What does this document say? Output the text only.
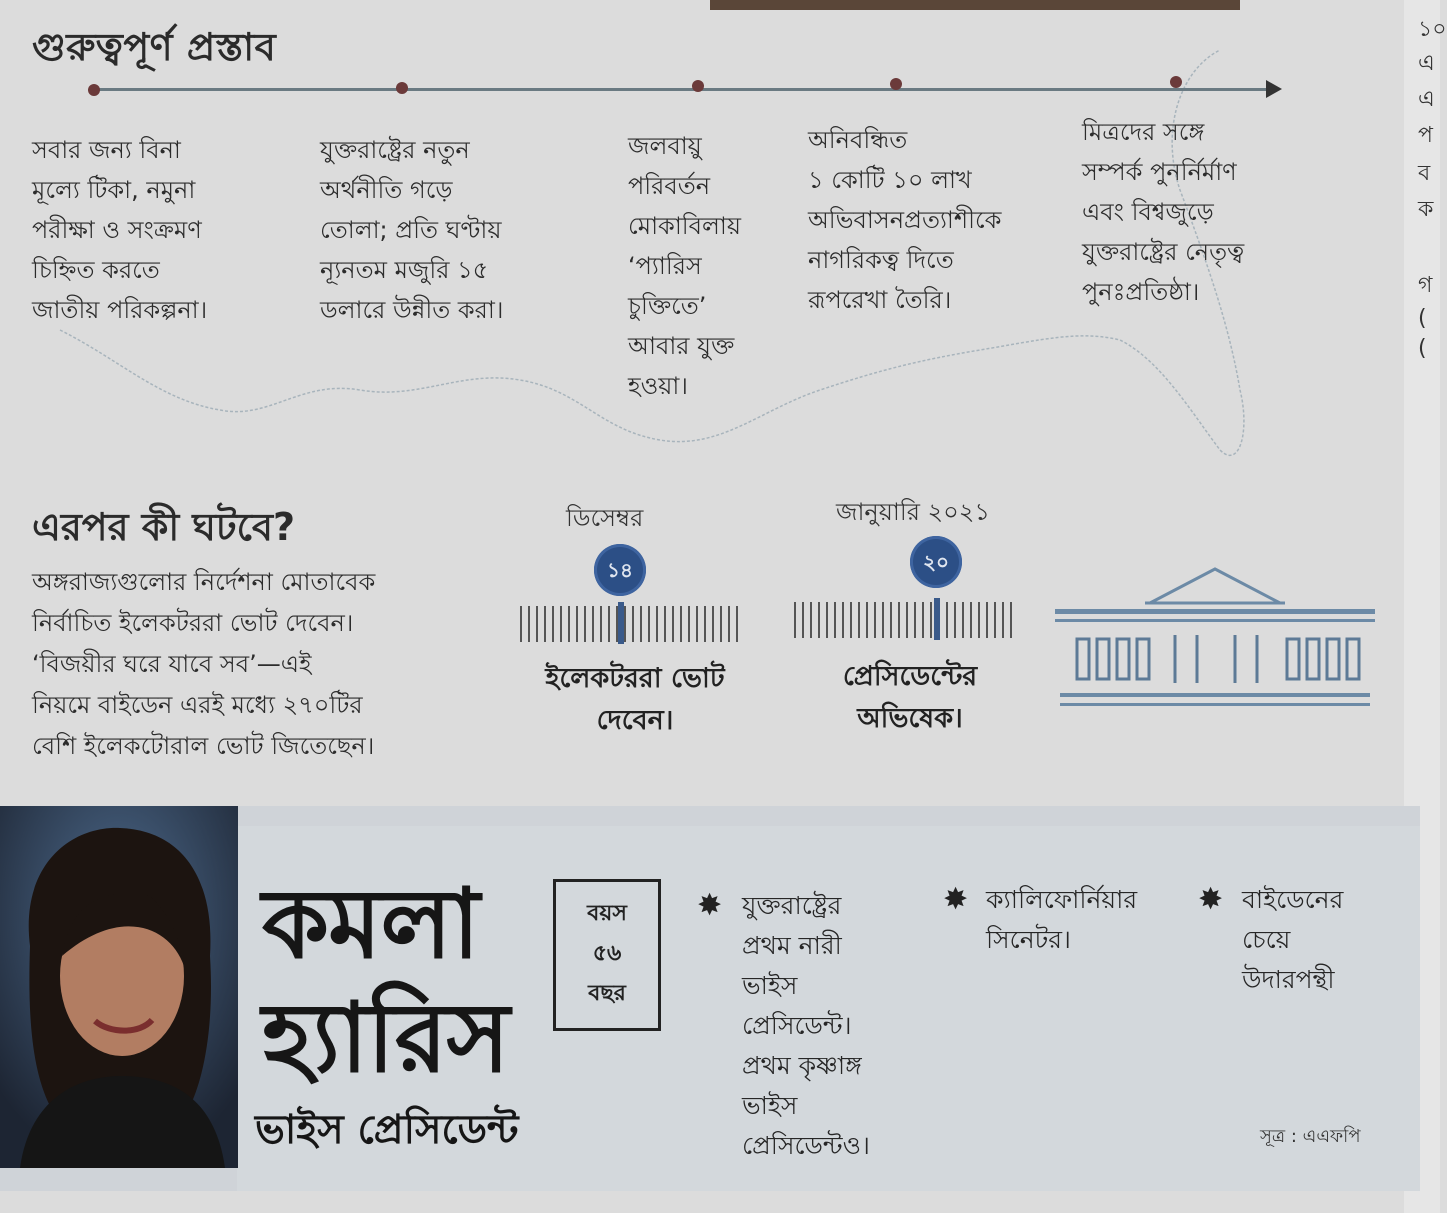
১০
এ
এ
প
ব
ক
গ
(
(
গুরুত্বপূর্ণ প্রস্তাব
সবার জন্য বিনা
মূল্যে টিকা, নমুনা
পরীক্ষা ও সংক্রমণ
চিহ্নিত করতে
জাতীয় পরিকল্পনা।
যুক্তরাষ্ট্রের নতুন
অর্থনীতি গড়ে
তোলা; প্রতি ঘণ্টায়
ন্যূনতম মজুরি ১৫
ডলারে উন্নীত করা।
জলবায়ু
পরিবর্তন
মোকাবিলায়
‘প্যারিস
চুক্তিতে’
আবার যুক্ত
হওয়া।
অনিবন্ধিত
১ কোটি ১০ লাখ
অভিবাসনপ্রত্যাশীকে
নাগরিকত্ব দিতে
রূপরেখা তৈরি।
মিত্রদের সঙ্গে
সম্পর্ক পুনর্নির্মাণ
এবং বিশ্বজুড়ে
যুক্তরাষ্ট্রের নেতৃত্ব
পুনঃপ্রতিষ্ঠা।
এরপর কী ঘটবে?
অঙ্গরাজ্যগুলোর নির্দেশনা মোতাবেক
নির্বাচিত ইলেকটররা ভোট দেবেন।
‘বিজয়ীর ঘরে যাবে সব’—এই
নিয়মে বাইডেন এরই মধ্যে ২৭০টির
বেশি ইলেকটোরাল ভোট জিতেছেন।
ডিসেম্বর
১৪
ইলেকটররা ভোট
দেবেন।
জানুয়ারি ২০২১
২০
প্রেসিডেন্টের
অভিষেক।
কমলা
হ্যারিস
ভাইস প্রেসিডেন্ট
বয়স
৫৬
বছর
✸ যুক্তরাষ্ট্রের
প্রথম নারী
ভাইস
প্রেসিডেন্ট।
প্রথম কৃষ্ণাঙ্গ
ভাইস
প্রেসিডেন্টও।
✸ ক্যালিফোর্নিয়ার
সিনেটর।
✸ বাইডেনের
চেয়ে
উদারপন্থী
সূত্র : এএফপি
